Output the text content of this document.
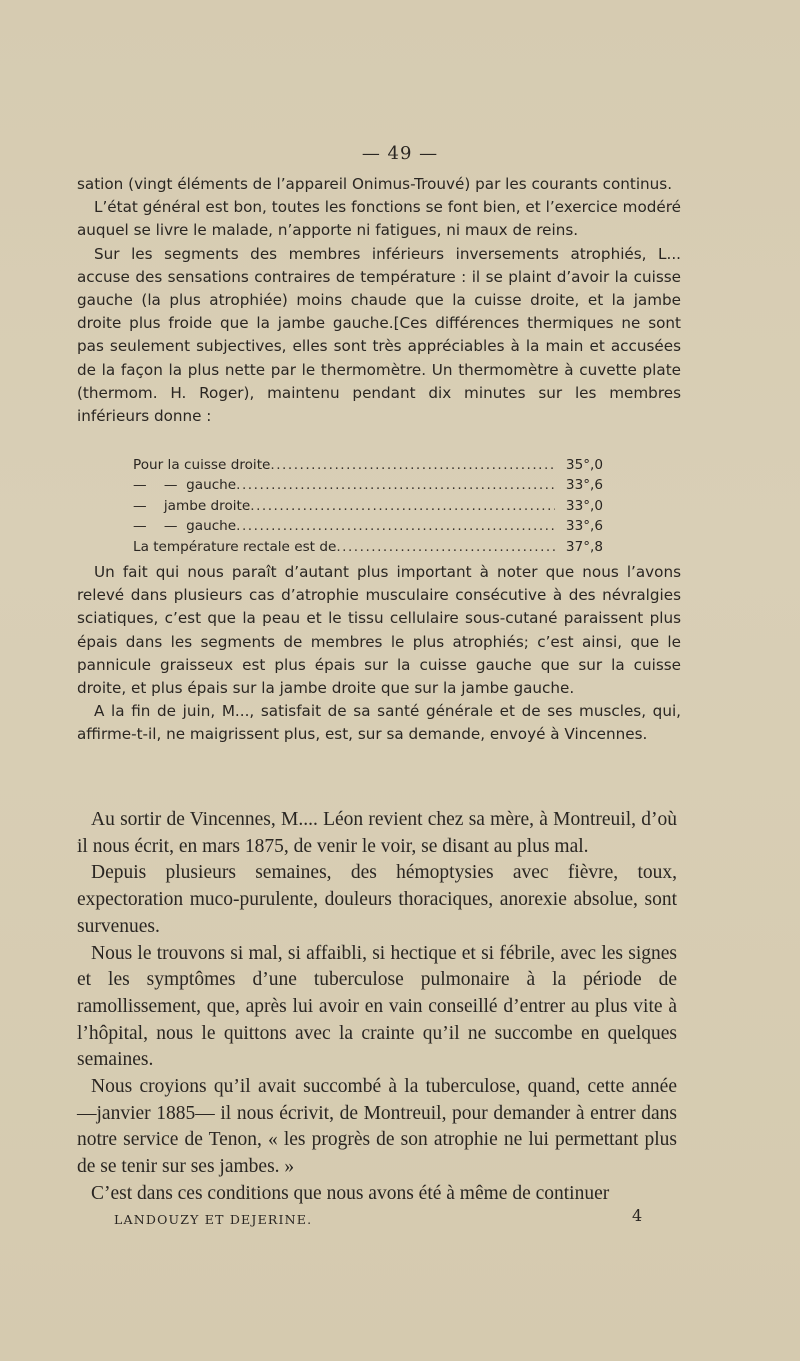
— 49 —

sation (vingt éléments de l’appareil Onimus-Trouvé) par les courants continus.

L’état général est bon, toutes les fonctions se font bien, et l’exercice modéré auquel se livre le malade, n’apporte ni fatigues, ni maux de reins.

Sur les segments des membres inférieurs inversements atrophiés, L... accuse des sensations contraires de température : il se plaint d’avoir la cuisse gauche (la plus atrophiée) moins chaude que la cuisse droite, et la jambe droite plus froide que la jambe gauche.[Ces différences thermiques ne sont pas seulement subjectives, elles sont très appréciables à la main et accusées de la façon la plus nette par le thermomètre. Un thermomètre à cuvette plate (thermom. H. Roger), maintenu pendant dix minutes sur les membres inférieurs donne :

Pour la cuisse droite .....	35°,0
—    —  gauche .....	33°,6
—    jambe droite .....	33°,0
—    —  gauche .....	33°,6
La température rectale est de .....	37°,8

Un fait qui nous paraît d’autant plus important à noter que nous l’avons relevé dans plusieurs cas d’atrophie musculaire consécutive à des névralgies sciatiques, c’est que la peau et le tissu cellulaire sous-cutané paraissent plus épais dans les segments de membres le plus atrophiés; c’est ainsi, que le pannicule graisseux est plus épais sur la cuisse gauche que sur la cuisse droite, et plus épais sur la jambe droite que sur la jambe gauche.

A la fin de juin, M..., satisfait de sa santé générale et de ses muscles, qui, affirme-t-il, ne maigrissent plus, est, sur sa demande, envoyé à Vincennes.

Au sortir de Vincennes, M.... Léon revient chez sa mère, à Montreuil, d’où il nous écrit, en mars 1875, de venir le voir, se disant au plus mal.

Depuis plusieurs semaines, des hémoptysies avec fièvre, toux, expectoration muco-purulente, douleurs thoraciques, anorexie absolue, sont survenues.

Nous le trouvons si mal, si affaibli, si hectique et si fébrile, avec les signes et les symptômes d’une tuberculose pulmonaire à la période de ramollissement, que, après lui avoir en vain conseillé d’entrer au plus vite à l’hôpital, nous le quittons avec la crainte qu’il ne succombe en quelques semaines.

Nous croyions qu’il avait succombé à la tuberculose, quand, cette année —janvier 1885— il nous écrivit, de Montreuil, pour demander à entrer dans notre service de Tenon, « les progrès de son atrophie ne lui permettant plus de se tenir sur ses jambes. »

C’est dans ces conditions que nous avons été à même de continuer

LANDOUZY ET DEJERINE.	4
